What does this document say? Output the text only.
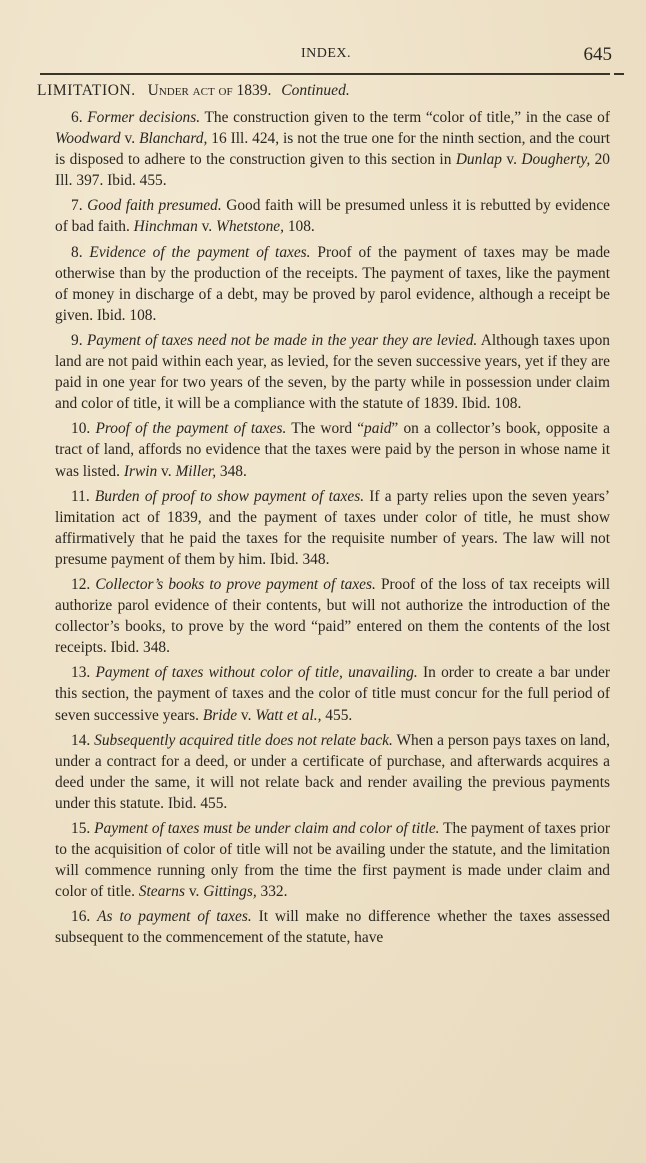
INDEX.	645
LIMITATION. Under act of 1839. Continued.

6. Former decisions. The construction given to the term “color of title,” in the case of Woodward v. Blanchard, 16 Ill. 424, is not the true one for the ninth section, and the court is disposed to adhere to the construction given to this section in Dunlap v. Dougherty, 20 Ill. 397. Ibid. 455.

7. Good faith presumed. Good faith will be presumed unless it is rebutted by evidence of bad faith. Hinchman v. Whetstone, 108.

8. Evidence of the payment of taxes. Proof of the payment of taxes may be made otherwise than by the production of the receipts. The payment of taxes, like the payment of money in discharge of a debt, may be proved by parol evidence, although a receipt be given. Ibid. 108.

9. Payment of taxes need not be made in the year they are levied. Although taxes upon land are not paid within each year, as levied, for the seven successive years, yet if they are paid in one year for two years of the seven, by the party while in possession under claim and color of title, it will be a compliance with the statute of 1839. Ibid. 108.

10. Proof of the payment of taxes. The word “paid” on a collector’s book, opposite a tract of land, affords no evidence that the taxes were paid by the person in whose name it was listed. Irwin v. Miller, 348.

11. Burden of proof to show payment of taxes. If a party relies upon the seven years’ limitation act of 1839, and the payment of taxes under color of title, he must show affirmatively that he paid the taxes for the requisite number of years. The law will not presume payment of them by him. Ibid. 348.

12. Collector’s books to prove payment of taxes. Proof of the loss of tax receipts will authorize parol evidence of their contents, but will not authorize the introduction of the collector’s books, to prove by the word “paid” entered on them the contents of the lost receipts. Ibid. 348.

13. Payment of taxes without color of title, unavailing. In order to create a bar under this section, the payment of taxes and the color of title must concur for the full period of seven successive years. Bride v. Watt et al., 455.

14. Subsequently acquired title does not relate back. When a person pays taxes on land, under a contract for a deed, or under a certificate of purchase, and afterwards acquires a deed under the same, it will not relate back and render availing the previous payments under this statute. Ibid. 455.

15. Payment of taxes must be under claim and color of title. The payment of taxes prior to the acquisition of color of title will not be availing under the statute, and the limitation will commence running only from the time the first payment is made under claim and color of title. Stearns v. Gittings, 332.

16. As to payment of taxes. It will make no difference whether the taxes assessed subsequent to the commencement of the statute, have
